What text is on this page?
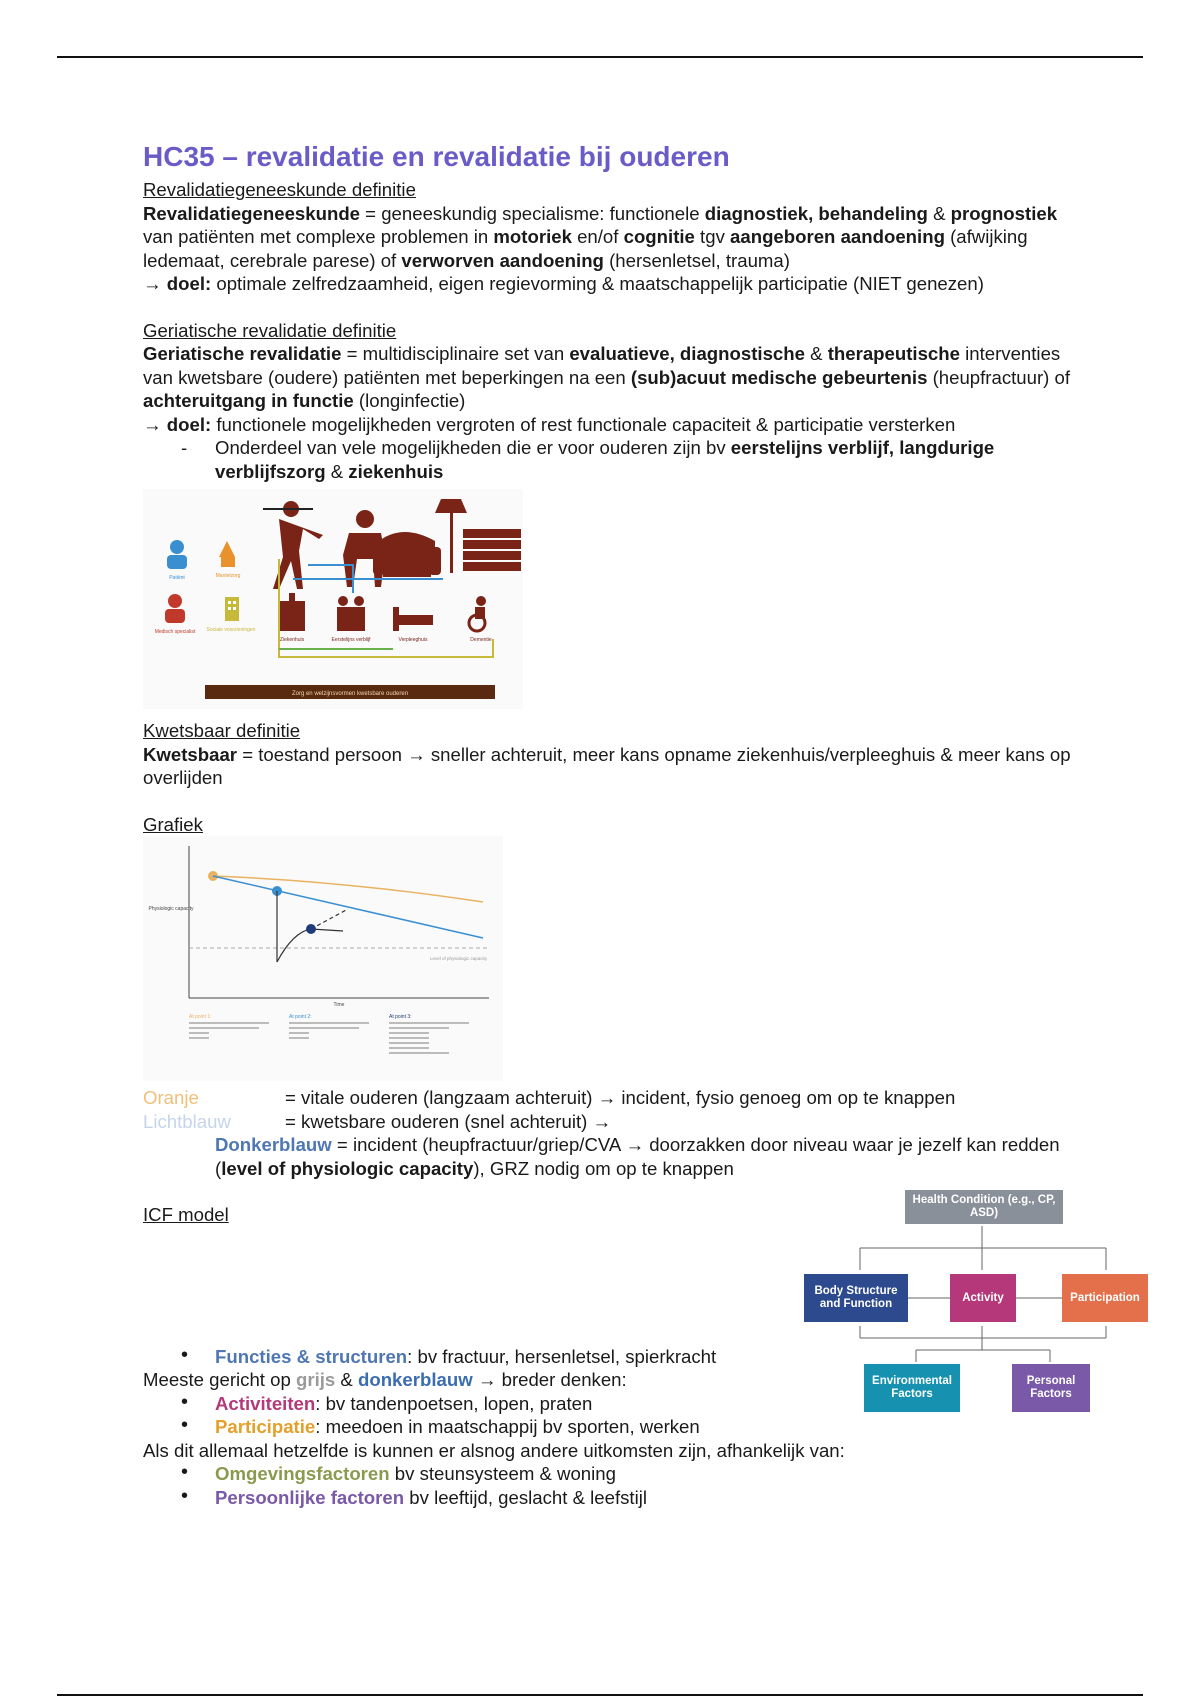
HC35 – revalidatie en revalidatie bij ouderen
Revalidatiegeneeskunde definitie

Revalidatiegeneeskunde = geneeskundig specialisme: functionele diagnostiek, behandeling & prognostiek van patiënten met complexe problemen in motoriek en/of cognitie tgv aangeboren aandoening (afwijking ledemaat, cerebrale parese) of verworven aandoening (hersenletsel, trauma)

→ doel: optimale zelfredzaamheid, eigen regievorming & maatschappelijk participatie (NIET genezen)

Geriatische revalidatie definitie

Geriatische revalidatie = multidisciplinaire set van evaluatieve, diagnostische & therapeutische interventies van kwetsbare (oudere) patiënten met beperkingen na een (sub)acuut medische gebeurtenis (heupfractuur) of achteruitgang in functie (longinfectie)

→ doel: functionele mogelijkheden vergroten of rest functionale capaciteit & participatie versterken

- Onderdeel van vele mogelijkheden die er voor ouderen zijn bv eerstelijns verblijf, langdurige verblijfszorg & ziekenhuis
Patiënt	Mantelzorg
Medisch specialist Sociale voorzieningen
Ziekenhuis	Eerstelijns verblijf	Verpleeghuis	Dementie
Zorg en welzijnsvormen kwetsbare ouderen
Kwetsbaar definitie

Kwetsbaar = toestand persoon → sneller achteruit, meer kans opname ziekenhuis/verpleeghuis & meer kans op overlijden

Grafiek
Physiologic capacity
Time
Level of physiologic capacity
At point 1:	At point 2:	At point 3:

Oranje	= vitale ouderen (langzaam achteruit) → incident, fysio genoeg om op te knappen

Lichtblauw	= kwetsbare ouderen (snel achteruit) →

Donkerblauw = incident (heupfractuur/griep/CVA → doorzakken door niveau waar je jezelf kan redden (level of physiologic capacity), GRZ nodig om op te knappen

ICF model
• Functies & structuren: bv fractuur, hersenletsel, spierkracht

Meeste gericht op grijs & donkerblauw → breder denken:

• Activiteiten: bv tandenpoetsen, lopen, praten
• Participatie: meedoen in maatschappij bv sporten, werken

Als dit allemaal hetzelfde is kunnen er alsnog andere uitkomsten zijn, afhankelijk van:

• Omgevingsfactoren bv steunsysteem & woning
• Persoonlijke factoren bv leeftijd, geslacht & leefstijl
Health Condition (e.g., CP, ASD)
Body Structure and Function
Activity	Participation
Environmental Factors
Personal Factors
